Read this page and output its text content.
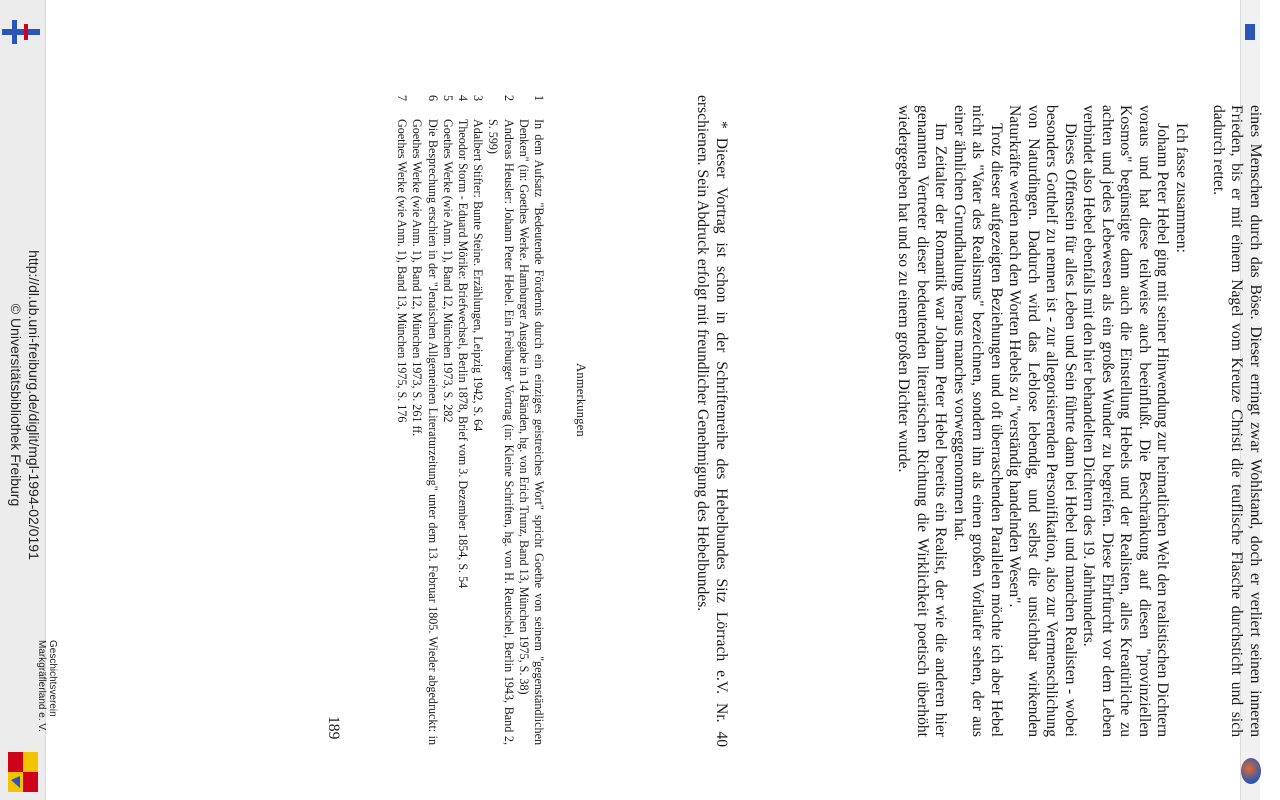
Geschichtsverein
Markgräflerland e. V.
http://dl.ub.uni-freiburg.de/diglit/mgl-1994-02/0191
© Universitätsbibliothek Freiburg	eines Menschen durch das Böse. Dieser erringt zwar Wohlstand, doch er verliert seinen inneren Frieden, bis er mit einem Nagel vom Kreuze Christi die teuflische Flasche durchsticht und sich dadurch rettet.

Ich fasse zusammen:

Johann Peter Hebel ging mit seiner Hinwendung zur heimatlichen Welt den realistischen Dichtern voraus und hat diese teilweise auch beeinflußt. Die Beschränkung auf diesen "provinziellen Kosmos" begünstigte dann auch die Einstellung Hebels und der Realisten, alles Kreatürliche zu achten und jedes Lebewesen als ein großes Wunder zu begreifen. Diese Ehrfurcht vor dem Leben verbindet also Hebel ebenfalls mit den hier behandelten Dichtern des 19. Jahrhunderts.

Dieses Offensein für alles Leben und Sein führte dann bei Hebel und manchen Realisten - wobei besonders Gotthelf zu nennen ist - zur allegorisierenden Personifikation, also zur Vermenschlichung von Naturdingen. Dadurch wird das Leblose lebendig, und selbst die unsichtbar wirkenden Naturkräfte werden nach den Worten Hebels zu "verständig handelnden Wesen".

Trotz dieser aufgezeigten Beziehungen und oft überraschenden Parallelen möchte ich aber Hebel nicht als "Vater des Realismus" bezeichnen, sondern ihn als einen großen Vorläufer sehen, der aus einer ähnlichen Grundhaltung heraus manches vorweggenommen hat.

Im Zeitalter der Romantik war Johann Peter Hebel bereits ein Realist, der wie die anderen hier genannten Vertreter dieser bedeutenden literarischen Richtung die Wirklichkeit poetisch überhöht wiedergegeben hat und so zu einem großen Dichter wurde.

* Dieser Vortrag ist schon in der Schriftenreihe des Hebelbundes Sitz Lörrach e.V. Nr. 40 erschienen. Sein Abdruck erfolgt mit freundlicher Genehmigung des Hebelbundes.
Anmerkungen
1
In dem Aufsatz "Bedeutende Fördernis durch ein einziges geistreiches Wort" spricht Goethe von seinem "gegenständlichen Denken" (in: Goethes Werke. Hamburger Ausgabe in 14 Bänden, hg. von Erich Trunz, Band 13, München 1975, S. 38)
2
Andreas Heusler: Johann Peter Hebel. Ein Freiburger Vortrag (in: Kleine Schriften, hg. von H. Reutschel, Berlin 1943, Band 2, S. 599)
3
Adalbert Stifter: Bunte Steine. Erzählungen, Leipzig 1942, S. 64
4
Theodor Storm - Eduard Mörike: Briefwechsel, Berlin 1878, Brief vom 3. Dezember 1854, S. 54
5
Goethes Werke (wie Anm. 1), Band 12, München 1973, S. 282
6
Die Besprechung erschien in der "Jenaischen Allgemeinen Literaturzeitung" unter dem 13. Februar 1805. Wieder abgedruckt: in Goethes Werke (wie Anm. 1), Band 12, München 1973, S. 261 ff.
7
Goethes Werke (wie Anm. 1), Band 13, München 1975, S. 176
189
